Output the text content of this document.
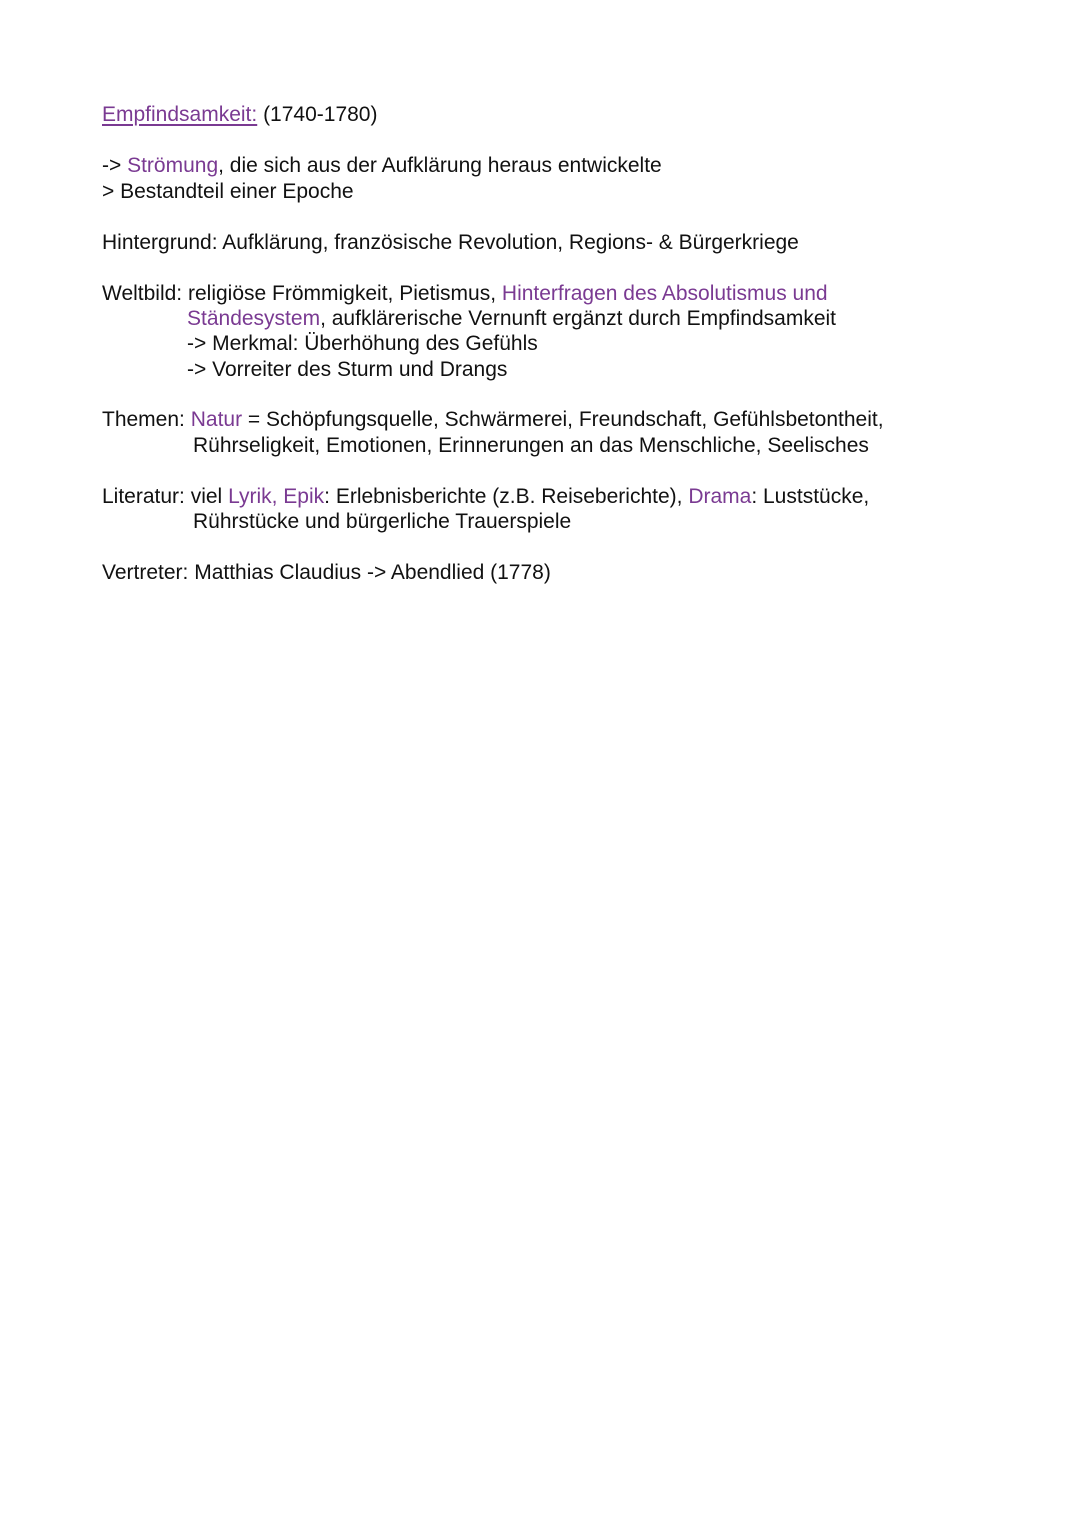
Empfindsamkeit: (1740-1780)
-> Strömung, die sich aus der Aufklärung heraus entwickelte
> Bestandteil einer Epoche
Hintergrund: Aufklärung, französische Revolution, Regions- & Bürgerkriege
Weltbild: religiöse Frömmigkeit, Pietismus, Hinterfragen des Absolutismus und
Ständesystem, aufklärerische Vernunft ergänzt durch Empfindsamkeit
-> Merkmal: Überhöhung des Gefühls
-> Vorreiter des Sturm und Drangs
Themen: Natur = Schöpfungsquelle, Schwärmerei, Freundschaft, Gefühlsbetontheit,
Rührseligkeit, Emotionen, Erinnerungen an das Menschliche, Seelisches
Literatur: viel Lyrik, Epik: Erlebnisberichte (z.B. Reiseberichte), Drama: Luststücke,
Rührstücke und bürgerliche Trauerspiele
Vertreter: Matthias Claudius -> Abendlied (1778)
